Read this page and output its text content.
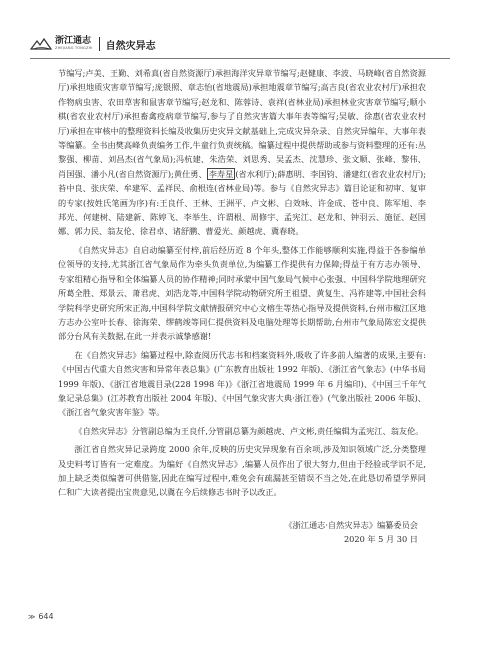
浙江通志
ZHEJIANG TONGZHI 自然灾异志

节编写;卢美、王勤、刘希真(省自然资源厅)承担海洋灾异章节编写;赵健康、李波、马晓峰(省自然资源厅)承担地质灾害章节编写;庞银照、章志怡(省地震局)承担地震章节编写;高吉良(省农业农村厅)承担农作物病虫害、农田草害和鼠害章节编写;赵龙和、陈蓉诗、袁祥(省林业局)承担林业灾害章节编写;顺小棋(省农业农村厅)承担畜禽疫病章节编写,参与了自然灾害篇大事年表等编写;吴敏、徐惠(省农业农村厅)承担在审核中的整理资料长编及收集历史灾异文献基础上,完成灾异杂录、自然灾异编年、大事年表等编纂。全书由樊高峰负责编务工作,牛童行负责统稿。编纂过程中提供帮助或参与资料整理的还有:丛黎强、柳苗、刘昌杰(省气象局);冯杭建、朱浩荣、刘思秀、吴孟杰、沈慧珍、张文顺、张峰、黎伟、肖国强、潘小凡(省自然资源厅);黄仕勇、 李寿星 (省水利厅);薛惠明、李国钧、潘建红(省农业农村厅);苔中良、张庆荣、牟建军、孟祥民、俞根连(省林业局)等。参与《自然灾异志》篇目论证和初审、复审的专家(按姓氏笔画为序)有:王良仟、王林、王洲平、卢文彬、白效咏、许金成、苍中良、陈军旭、李邦光、何建树、陆建新、陈婷飞、李举生、许谓根、周修宇、孟宪江、赵龙和、钟羽云、施征、赵国娜、郭力民、翁友伦、徐君卓、诸舒鹏、曹爱光、颜越虎、冀春晓。

《自然灾异志》自启动编纂至付梓,前后经历近 8 个年头,整体工作能够顺利实施,得益于各参编单位领导的支持,尤其浙江省气象局作为牵头负责单位,为编纂工作提供有力保障;得益于有方志办领导、专家组精心指导和全体编纂人员的协作精神;同时承蒙中国气象局气候中心张强、中国科学院地理研究所葛全胜、郑景云、萧君虎、刘浩龙等,中国科学院动物研究所王祖望、黄复生、冯祚建等,中国社会科学院科学史研究所宋正海,中国科学院文献情报研究中心文榕生等热心指导及提供资料,台州市椒江区地方志办公室叶长春、徐海荣、缪鹤竣等同仁提供资料及电脑处理等长期帮助,台州市气象局陈宏文提供部分台风有关数据,在此一并表示诚挚感谢!

在《自然灾异志》编纂过程中,除查阅历代志书和档案资料外,吸收了许多前人编著的成果,主要有:《中国古代重大自然灾害和异常年表总集》(广东教育出版社 1992 年版)、《浙江省气象志》(中华书局 1999 年版)、《浙江省地震目录(228 1998 年)》《浙江省地震局 1999 年 6 月编印)、《中国三千年气象记录总集》(江苏教育出版社 2004 年版)、《中国气象灾害大典·浙江卷》(气象出版社 2006 年版)、《浙江省气象灾害年鉴》等。

《自然灾异志》分管副总编为王良仟,分管副总纂为颜越虎、卢文彬,责任编辑为孟宪江、翁友伦。

浙江省自然灾异记录跨度 2000 余年,反映的历史灾异现象有百余项,涉及知识领域广泛,分类整理及史料考订皆有一定难度。为编好《自然灾异志》,编纂人员作出了很大努力,但由于经验或学识不足,加上缺乏类似编著可供借鉴,因此在编写过程中,难免会有疏漏甚至错误不当之处,在此恳切希望学界同仁和广大读者提出宝贵意见,以冀在今后续修志书时予以改正。

《浙江通志·自然灾异志》编纂委员会
2020 年 5 月 30 日
≫ 644
